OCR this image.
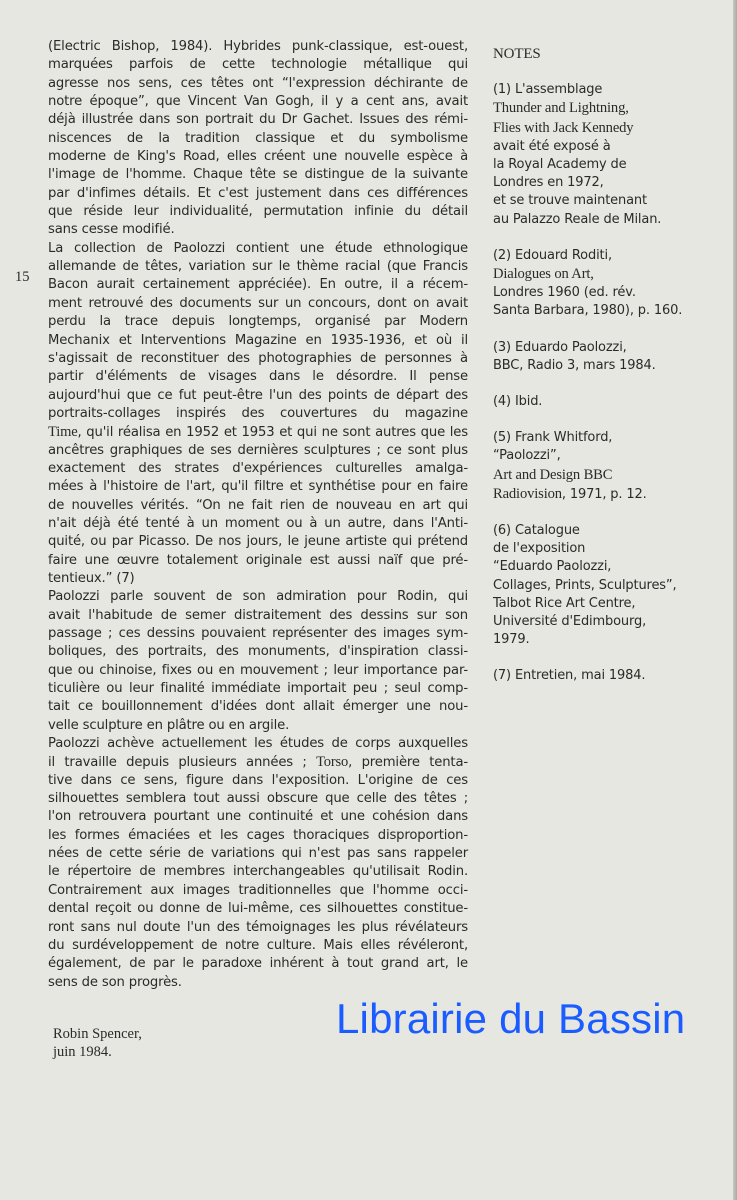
15
(Electric Bishop, 1984). Hybrides punk-classique, est-ouest,
marquées parfois de cette technologie métallique qui
agresse nos sens, ces têtes ont “l'expression déchirante de
notre époque”, que Vincent Van Gogh, il y a cent ans, avait
déjà illustrée dans son portrait du Dr Gachet. Issues des rémi-
niscences de la tradition classique et du symbolisme
moderne de King's Road, elles créent une nouvelle espèce à
l'image de l'homme. Chaque tête se distingue de la suivante
par d'infimes détails. Et c'est justement dans ces différences
que réside leur individualité, permutation infinie du détail
sans cesse modifié.
La collection de Paolozzi contient une étude ethnologique
allemande de têtes, variation sur le thème racial (que Francis
Bacon aurait certainement appréciée). En outre, il a récem-
ment retrouvé des documents sur un concours, dont on avait
perdu la trace depuis longtemps, organisé par Modern
Mechanix et Interventions Magazine en 1935-1936, et où il
s'agissait de reconstituer des photographies de personnes à
partir d'éléments de visages dans le désordre. Il pense
aujourd'hui que ce fut peut-être l'un des points de départ des
portraits-collages inspirés des couvertures du magazine
Time, qu'il réalisa en 1952 et 1953 et qui ne sont autres que les
ancêtres graphiques de ses dernières sculptures ; ce sont plus
exactement des strates d'expériences culturelles amalga-
mées à l'histoire de l'art, qu'il filtre et synthétise pour en faire
de nouvelles vérités. “On ne fait rien de nouveau en art qui
n'ait déjà été tenté à un moment ou à un autre, dans l'Anti-
quité, ou par Picasso. De nos jours, le jeune artiste qui prétend
faire une œuvre totalement originale est aussi naïf que pré-
tentieux.” (7)
Paolozzi parle souvent de son admiration pour Rodin, qui
avait l'habitude de semer distraitement des dessins sur son
passage ; ces dessins pouvaient représenter des images sym-
boliques, des portraits, des monuments, d'inspiration classi-
que ou chinoise, fixes ou en mouvement ; leur importance par-
ticulière ou leur finalité immédiate importait peu ; seul comp-
tait ce bouillonnement d'idées dont allait émerger une nou-
velle sculpture en plâtre ou en argile.
Paolozzi achève actuellement les études de corps auxquelles
il travaille depuis plusieurs années ; Torso, première tenta-
tive dans ce sens, figure dans l'exposition. L'origine de ces
silhouettes semblera tout aussi obscure que celle des têtes ;
l'on retrouvera pourtant une continuité et une cohésion dans
les formes émaciées et les cages thoraciques disproportion-
nées de cette série de variations qui n'est pas sans rappeler
le répertoire de membres interchangeables qu'utilisait Rodin.
Contrairement aux images traditionnelles que l'homme occi-
dental reçoit ou donne de lui-même, ces silhouettes constitue-
ront sans nul doute l'un des témoignages les plus révélateurs
du surdéveloppement de notre culture. Mais elles révéleront,
également, de par le paradoxe inhérent à tout grand art, le
sens de son progrès.
Robin Spencer,
juin 1984.
NOTES
(1) L'assemblage
Thunder and Lightning,
Flies with Jack Kennedy
avait été exposé à
la Royal Academy de
Londres en 1972,
et se trouve maintenant
au Palazzo Reale de Milan.
(2) Edouard Roditi,
Dialogues on Art,
Londres 1960 (ed. rév.
Santa Barbara, 1980), p. 160.
(3) Eduardo Paolozzi,
BBC, Radio 3, mars 1984.
(4) Ibid.
(5) Frank Whitford,
“Paolozzi”,
Art and Design BBC
Radiovision, 1971, p. 12.
(6) Catalogue
de l'exposition
“Eduardo Paolozzi,
Collages, Prints, Sculptures”,
Talbot Rice Art Centre,
Université d'Edimbourg,
1979.
(7) Entretien, mai 1984.
Librairie du Bassin
